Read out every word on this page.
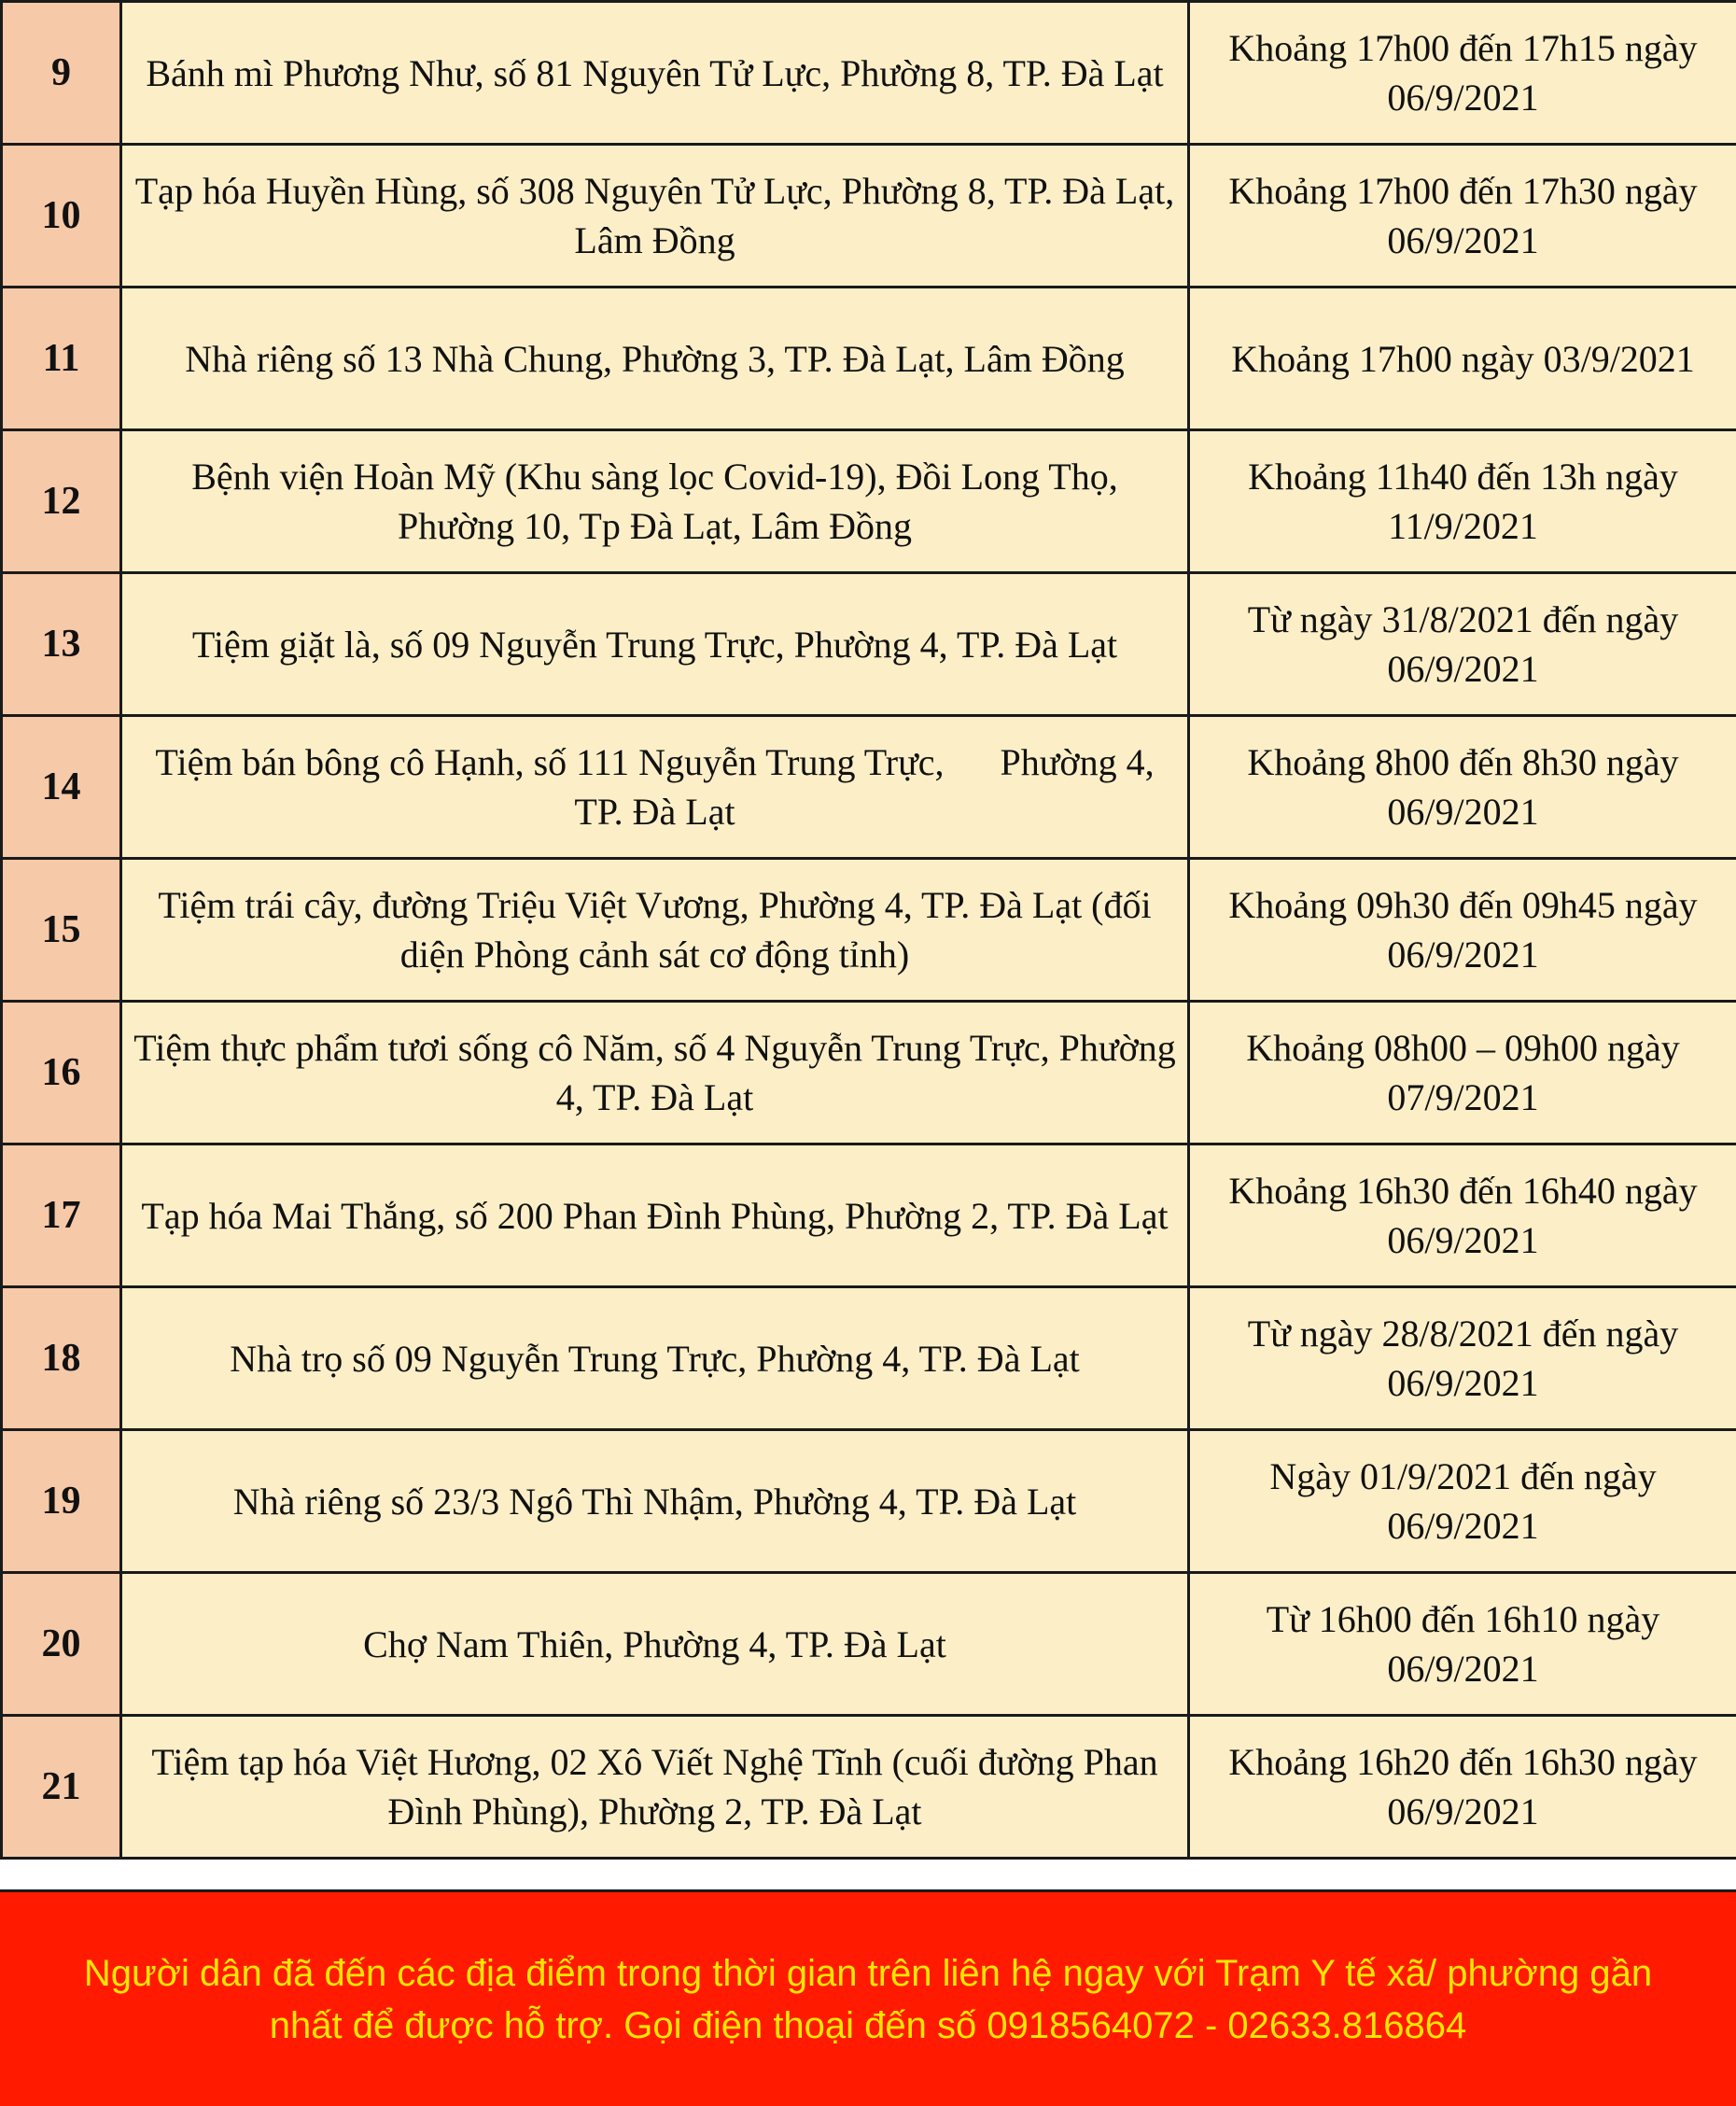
9	Bánh mì Phương Như, số 81 Nguyên Tử Lực, Phường 8, TP. Đà Lạt	Khoảng 17h00 đến 17h15 ngày 06/9/2021
10	Tạp hóa Huyền Hùng, số 308 Nguyên Tử Lực, Phường 8, TP. Đà Lạt, Lâm Đồng	Khoảng 17h00 đến 17h30 ngày 06/9/2021
11	Nhà riêng số 13 Nhà Chung, Phường 3, TP. Đà Lạt, Lâm Đồng	Khoảng 17h00 ngày 03/9/2021
12	Bệnh viện Hoàn Mỹ (Khu sàng lọc Covid-19), Đồi Long Thọ, Phường 10, Tp Đà Lạt, Lâm Đồng	Khoảng 11h40 đến 13h ngày 11/9/2021
13	Tiệm giặt là, số 09 Nguyễn Trung Trực, Phường 4, TP. Đà Lạt	Từ ngày 31/8/2021 đến ngày 06/9/2021
14	Tiệm bán bông cô Hạnh, số 111 Nguyễn Trung Trực,      Phường 4, TP. Đà Lạt	Khoảng 8h00 đến 8h30 ngày 06/9/2021
15	Tiệm trái cây, đường Triệu Việt Vương, Phường 4, TP. Đà Lạt (đối diện Phòng cảnh sát cơ động tỉnh)	Khoảng 09h30 đến 09h45 ngày 06/9/2021
16	Tiệm thực phẩm tươi sống cô Năm, số 4 Nguyễn Trung Trực, Phường 4, TP. Đà Lạt	Khoảng 08h00 – 09h00 ngày 07/9/2021
17	Tạp hóa Mai Thắng, số 200 Phan Đình Phùng, Phường 2, TP. Đà Lạt	Khoảng 16h30 đến 16h40 ngày 06/9/2021
18	Nhà trọ số 09 Nguyễn Trung Trực, Phường 4, TP. Đà Lạt	Từ ngày 28/8/2021 đến ngày 06/9/2021
19	Nhà riêng số 23/3 Ngô Thì Nhậm, Phường 4, TP. Đà Lạt	Ngày 01/9/2021 đến ngày 06/9/2021
20	Chợ Nam Thiên, Phường 4, TP. Đà Lạt	Từ 16h00 đến 16h10 ngày 06/9/2021
21	Tiệm tạp hóa Việt Hương, 02 Xô Viết Nghệ Tĩnh (cuối đường Phan Đình Phùng), Phường 2, TP. Đà Lạt	Khoảng 16h20 đến 16h30 ngày 06/9/2021

Người dân đã đến các địa điểm trong thời gian trên liên hệ ngay với Trạm Y tế xã/ phường gần nhất để được hỗ trợ. Gọi điện thoại đến số 0918564072 - 02633.816864
